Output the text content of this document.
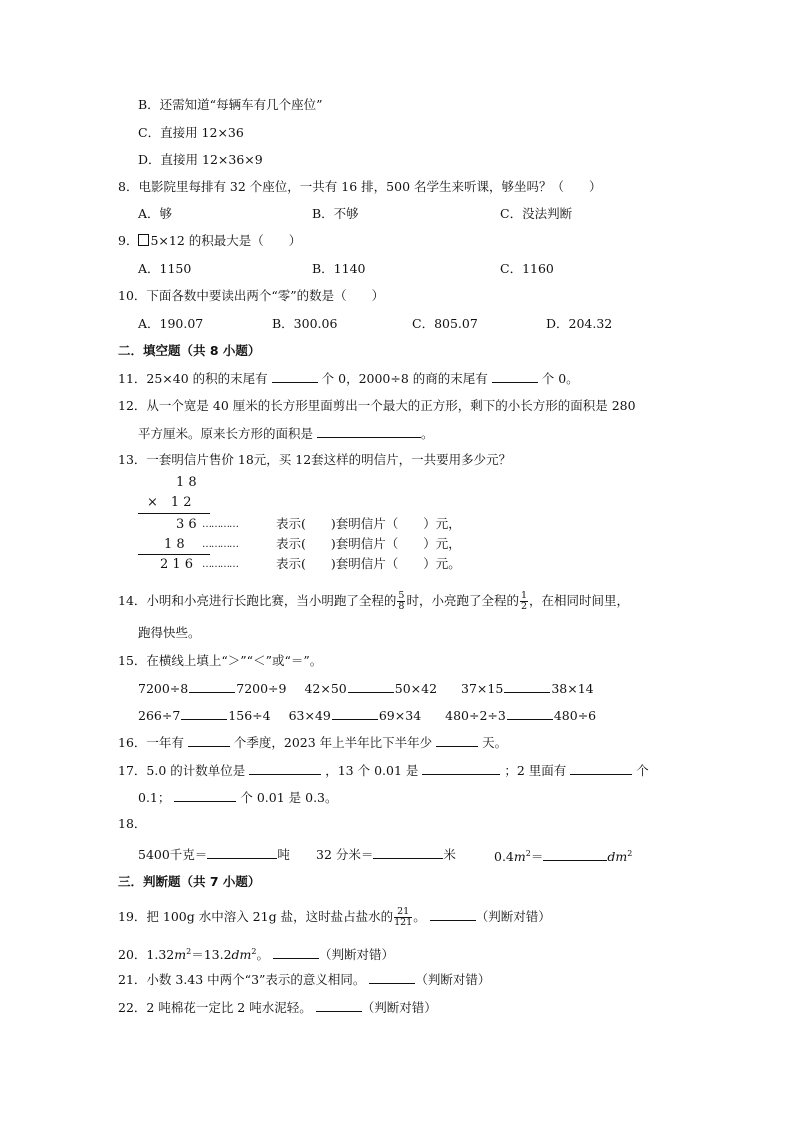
B．还需知道“每辆车有几个座位”
C．直接用 12×36
D．直接用 12×36×9
8．电影院里每排有 32 个座位，一共有 16 排，500 名学生来听课，够坐吗？（　　）
A．够	B．不够	C．没法判断
9． 5×12 的积最大是（　　）
A．1150	B．1140	C．1160
10．下面各数中要读出两个“零”的数是（　　）
A．190.07	B．300.06	C．805.07	D．204.32
二．填空题（共 8 小题）
11．25×40 的积的末尾有	个 0，2000÷8 的商的末尾有	个 0。
12．从一个宽是 40 厘米的长方形里面剪出一个最大的正方形，剩下的小长方形的面积是 280
平方厘米。原来长方形的面积是	。
13．一套明信片售价 18元，买 12套这样的明信片，一共要用多少元？
1 8
×　1 2
3 6 …………	表示(　　)套明信片（　　）元，
1 8 …………	表示(　　)套明信片（　　）元，
2 1 6 …………	表示(　　)套明信片（　　）元。
14．小明和小亮进行长跑比赛，当小明跑了全程的 $\frac{5}{8}$ 时，小亮跑了全程的 $\frac{1}{2}$ ，在相同时间里，
跑得快些。
15．在横线上填上“＞”“＜”或“＝”。
7200÷8	7200÷9 42×50	50×42 37×15	38×14
266÷7	156÷4 63×49	69×34 480÷2÷3	480÷6
16．一年有	个季度，2023 年上半年比下半年少	天。
17．5.0 的计数单位是	，13 个 0.01 是	；2 里面有	个
0.1；	个 0.01 是 0.3。
18．
5400千克＝	吨 32 分米＝	米	$0.4m^2=$	$dm^2$
三．判断题（共 7 小题）
19．把 100g 水中溶入 21g 盐，这时盐占盐水的 $\frac{21}{121}$ 。	（判断对错）
20．$1.32m^2=13.2dm^2$。	（判断对错）
21．小数 3.43 中两个“3”表示的意义相同。	（判断对错）
22．2 吨棉花一定比 2 吨水泥轻。	（判断对错）
